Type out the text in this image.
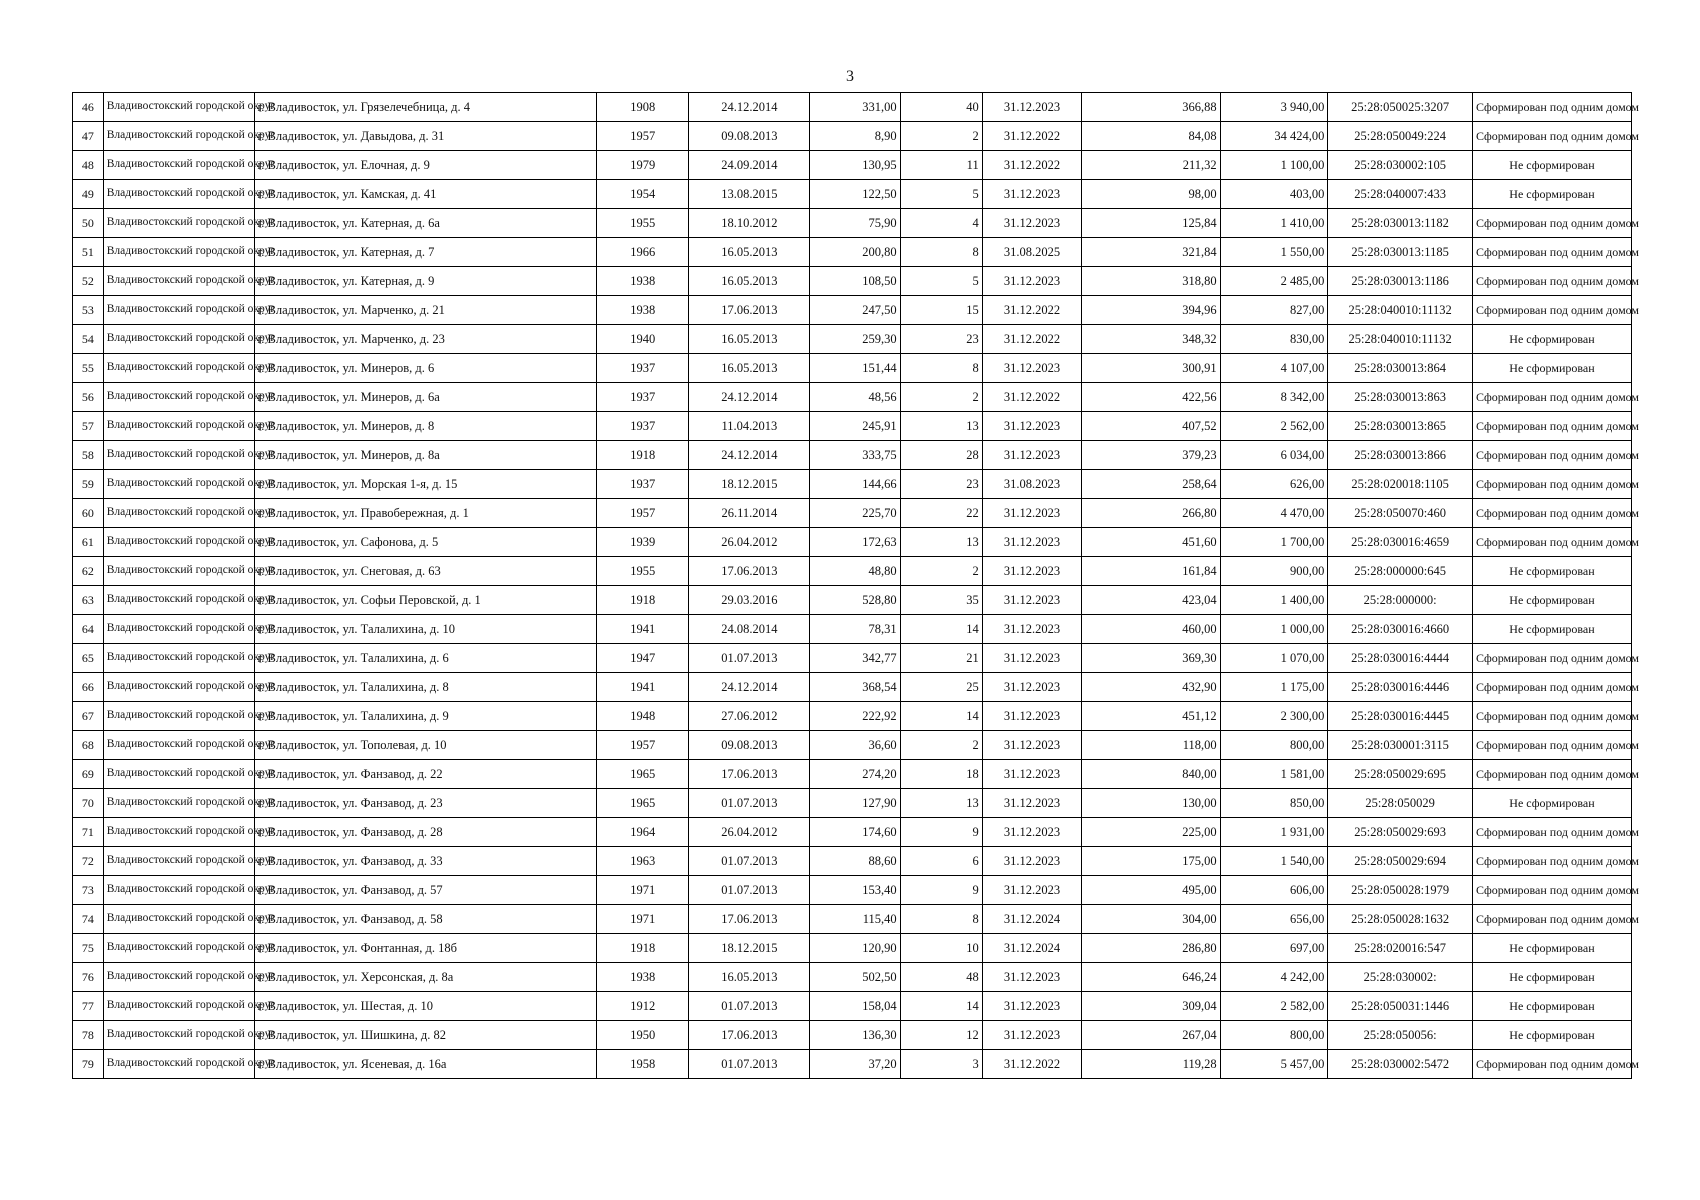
3
46	Владивостокский городской округ	г. Владивосток, ул. Грязелечебница, д. 4	1908	24.12.2014	331,00	40	31.12.2023	366,88	3 940,00	25:28:050025:3207	Сформирован под одним домом
47	Владивостокский городской округ	г. Владивосток, ул. Давыдова, д. 31	1957	09.08.2013	8,90	2	31.12.2022	84,08	34 424,00	25:28:050049:224	Сформирован под одним домом
48	Владивостокский городской округ	г. Владивосток, ул. Елочная, д. 9	1979	24.09.2014	130,95	11	31.12.2022	211,32	1 100,00	25:28:030002:105	Не сформирован
49	Владивостокский городской округ	г. Владивосток, ул. Камская, д. 41	1954	13.08.2015	122,50	5	31.12.2023	98,00	403,00	25:28:040007:433	Не сформирован
50	Владивостокский городской округ	г. Владивосток, ул. Катерная, д. 6а	1955	18.10.2012	75,90	4	31.12.2023	125,84	1 410,00	25:28:030013:1182	Сформирован под одним домом
51	Владивостокский городской округ	г. Владивосток, ул. Катерная, д. 7	1966	16.05.2013	200,80	8	31.08.2025	321,84	1 550,00	25:28:030013:1185	Сформирован под одним домом
52	Владивостокский городской округ	г. Владивосток, ул. Катерная, д. 9	1938	16.05.2013	108,50	5	31.12.2023	318,80	2 485,00	25:28:030013:1186	Сформирован под одним домом
53	Владивостокский городской округ	г. Владивосток, ул. Марченко, д. 21	1938	17.06.2013	247,50	15	31.12.2022	394,96	827,00	25:28:040010:11132	Сформирован под одним домом
54	Владивостокский городской округ	г. Владивосток, ул. Марченко, д. 23	1940	16.05.2013	259,30	23	31.12.2022	348,32	830,00	25:28:040010:11132	Не сформирован
55	Владивостокский городской округ	г. Владивосток, ул. Минеров, д. 6	1937	16.05.2013	151,44	8	31.12.2023	300,91	4 107,00	25:28:030013:864	Не сформирован
56	Владивостокский городской округ	г. Владивосток, ул. Минеров, д. 6а	1937	24.12.2014	48,56	2	31.12.2022	422,56	8 342,00	25:28:030013:863	Сформирован под одним домом
57	Владивостокский городской округ	г. Владивосток, ул. Минеров, д. 8	1937	11.04.2013	245,91	13	31.12.2023	407,52	2 562,00	25:28:030013:865	Сформирован под одним домом
58	Владивостокский городской округ	г. Владивосток, ул. Минеров, д. 8а	1918	24.12.2014	333,75	28	31.12.2023	379,23	6 034,00	25:28:030013:866	Сформирован под одним домом
59	Владивостокский городской округ	г. Владивосток, ул. Морская 1-я, д. 15	1937	18.12.2015	144,66	23	31.08.2023	258,64	626,00	25:28:020018:1105	Сформирован под одним домом
60	Владивостокский городской округ	г. Владивосток, ул. Правобережная, д. 1	1957	26.11.2014	225,70	22	31.12.2023	266,80	4 470,00	25:28:050070:460	Сформирован под одним домом
61	Владивостокский городской округ	г. Владивосток, ул. Сафонова, д. 5	1939	26.04.2012	172,63	13	31.12.2023	451,60	1 700,00	25:28:030016:4659	Сформирован под одним домом
62	Владивостокский городской округ	г. Владивосток, ул. Снеговая, д. 63	1955	17.06.2013	48,80	2	31.12.2023	161,84	900,00	25:28:000000:645	Не сформирован
63	Владивостокский городской округ	г. Владивосток, ул. Софьи Перовской, д. 1	1918	29.03.2016	528,80	35	31.12.2023	423,04	1 400,00	25:28:000000:	Не сформирован
64	Владивостокский городской округ	г. Владивосток, ул. Талалихина, д. 10	1941	24.08.2014	78,31	14	31.12.2023	460,00	1 000,00	25:28:030016:4660	Не сформирован
65	Владивостокский городской округ	г. Владивосток, ул. Талалихина, д. 6	1947	01.07.2013	342,77	21	31.12.2023	369,30	1 070,00	25:28:030016:4444	Сформирован под одним домом
66	Владивостокский городской округ	г. Владивосток, ул. Талалихина, д. 8	1941	24.12.2014	368,54	25	31.12.2023	432,90	1 175,00	25:28:030016:4446	Сформирован под одним домом
67	Владивостокский городской округ	г. Владивосток, ул. Талалихина, д. 9	1948	27.06.2012	222,92	14	31.12.2023	451,12	2 300,00	25:28:030016:4445	Сформирован под одним домом
68	Владивостокский городской округ	г. Владивосток, ул. Тополевая, д. 10	1957	09.08.2013	36,60	2	31.12.2023	118,00	800,00	25:28:030001:3115	Сформирован под одним домом
69	Владивостокский городской округ	г. Владивосток, ул. Фанзавод, д. 22	1965	17.06.2013	274,20	18	31.12.2023	840,00	1 581,00	25:28:050029:695	Сформирован под одним домом
70	Владивостокский городской округ	г. Владивосток, ул. Фанзавод, д. 23	1965	01.07.2013	127,90	13	31.12.2023	130,00	850,00	25:28:050029	Не сформирован
71	Владивостокский городской округ	г. Владивосток, ул. Фанзавод, д. 28	1964	26.04.2012	174,60	9	31.12.2023	225,00	1 931,00	25:28:050029:693	Сформирован под одним домом
72	Владивостокский городской округ	г. Владивосток, ул. Фанзавод, д. 33	1963	01.07.2013	88,60	6	31.12.2023	175,00	1 540,00	25:28:050029:694	Сформирован под одним домом
73	Владивостокский городской округ	г. Владивосток, ул. Фанзавод, д. 57	1971	01.07.2013	153,40	9	31.12.2023	495,00	606,00	25:28:050028:1979	Сформирован под одним домом
74	Владивостокский городской округ	г. Владивосток, ул. Фанзавод, д. 58	1971	17.06.2013	115,40	8	31.12.2024	304,00	656,00	25:28:050028:1632	Сформирован под одним домом
75	Владивостокский городской округ	г. Владивосток, ул. Фонтанная, д. 18б	1918	18.12.2015	120,90	10	31.12.2024	286,80	697,00	25:28:020016:547	Не сформирован
76	Владивостокский городской округ	г. Владивосток, ул. Херсонская, д. 8а	1938	16.05.2013	502,50	48	31.12.2023	646,24	4 242,00	25:28:030002:	Не сформирован
77	Владивостокский городской округ	г. Владивосток, ул. Шестая, д. 10	1912	01.07.2013	158,04	14	31.12.2023	309,04	2 582,00	25:28:050031:1446	Не сформирован
78	Владивостокский городской округ	г. Владивосток, ул. Шишкина, д. 82	1950	17.06.2013	136,30	12	31.12.2023	267,04	800,00	25:28:050056:	Не сформирован
79	Владивостокский городской округ	г. Владивосток, ул. Ясеневая, д. 16а	1958	01.07.2013	37,20	3	31.12.2022	119,28	5 457,00	25:28:030002:5472	Сформирован под одним домом
